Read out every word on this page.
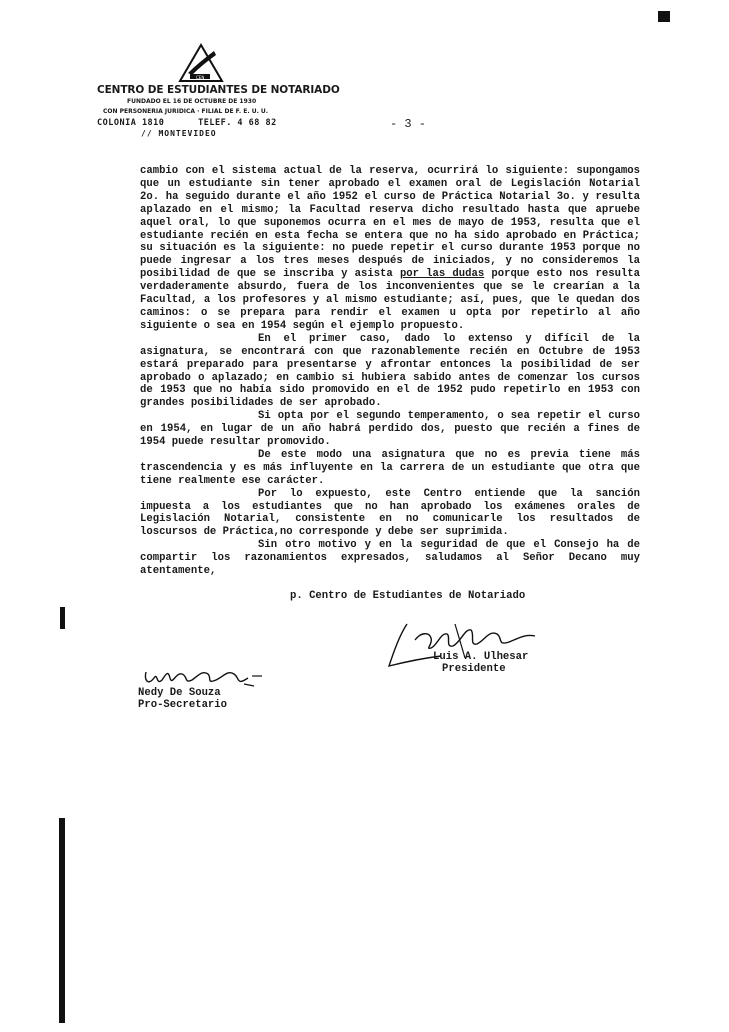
CEN
CENTRO DE ESTUDIANTES DE NOTARIADO
FUNDADO EL 16 DE OCTUBRE DE 1930
CON PERSONERIA JURIDICA · FILIAL DE F. E. U. U.
COLONIA 1810      TELEF. 4 68 82
// MONTEVIDEO
- 3 -

cambio con el sistema actual de la reserva, ocurrirá lo siguiente: supongamos que un estudiante sin tener aprobado el examen oral de Legislación Notarial 2o. ha seguido durante el año 1952 el curso de Práctica Notarial 3o. y resulta aplazado en el mismo; la Facultad reserva dicho resultado hasta que apruebe aquel oral, lo que suponemos ocurra en el mes de mayo de 1953, resulta que el estudiante recién en esta fecha se entera que no ha sido aprobado en Práctica; su situación es la siguiente: no puede repetir el curso durante 1953 porque no puede ingresar a los tres meses después de iniciados, y no consideremos la posibilidad de que se inscriba y asista por las dudas porque esto nos resulta verdaderamente absurdo, fuera de los inconvenientes que se le crearían a la Facultad, a los profesores y al mismo estudiante; así, pues, que le quedan dos caminos: o se prepara para rendir el examen u opta por repetirlo al año siguiente o sea en 1954 según el ejemplo propuesto.

En el primer caso, dado lo extenso y difícil de la asignatura, se encontrará con que razonablemente recién en Octubre de 1953 estará preparado para presentarse y afrontar entonces la posibilidad de ser aprobado o aplazado; en cambio si hubiera sabido antes de comenzar los cursos de 1953 que no había sido promovido en el de 1952 pudo repetirlo en 1953 con grandes posibilidades de ser aprobado.

Si opta por el segundo temperamento, o sea repetir el curso en 1954, en lugar de un año habrá perdido dos, puesto que recién a fines de 1954 puede resultar promovido.

De este modo una asignatura que no es previa tiene más trascendencia y es más influyente en la carrera de un estudiante que otra que tiene realmente ese carácter.

Por lo expuesto, este Centro entiende que la sanción impuesta a los estudiantes que no han aprobado los exámenes orales de Legislación Notarial, consistente en no comunicarle los resultados de loscursos de Práctica,no corresponde y debe ser suprimida.

Sin otro motivo y en la seguridad de que el Consejo ha de compartir los razonamientos expresados, saludamos al Señor Decano muy atentamente,

p. Centro de Estudiantes de Notariado
Luis A. Ulhesar
Presidente
Nedy De Souza
Pro-Secretario
